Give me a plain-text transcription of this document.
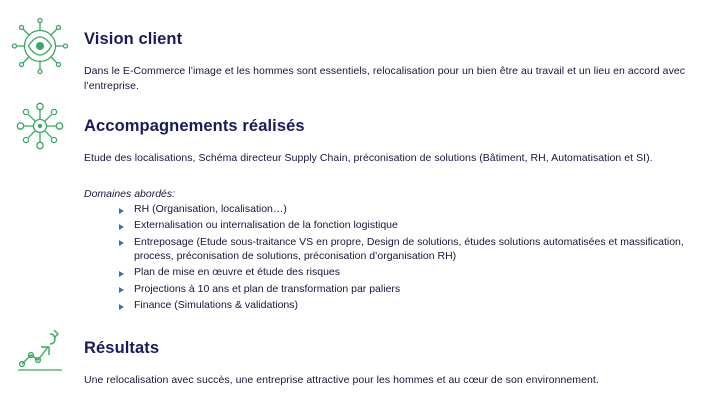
Vision client

Dans le E-Commerce l’image et les hommes sont essentiels, relocalisation pour un bien être au travail et un lieu en accord avec l’entreprise.

Accompagnements réalisés

Etude des localisations, Schéma directeur Supply Chain, préconisation de solutions (Bâtiment, RH, Automatisation et SI).

Domaines abordés:
RH (Organisation, localisation…)
Externalisation ou internalisation de la fonction logistique
Entreposage (Etude sous-traitance VS en propre, Design de solutions, études solutions automatisées et massification, process, préconisation de solutions, préconisation d’organisation RH)
Plan de mise en œuvre et étude des risques
Projections à 10 ans et plan de transformation par paliers
Finance (Simulations & validations)
Résultats

Une relocalisation avec succès, une entreprise attractive pour les hommes et au cœur de son environnement.
